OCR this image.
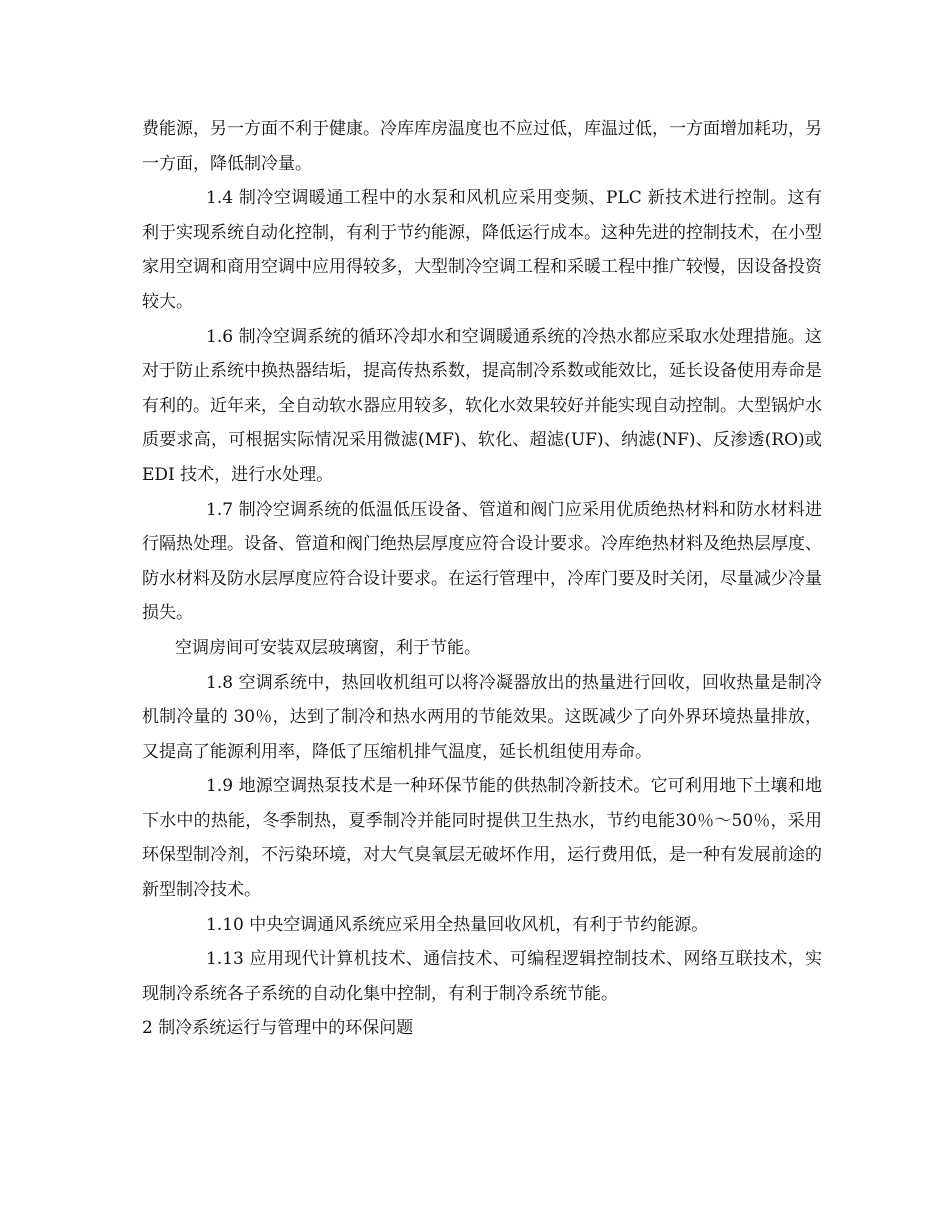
费能源，另一方面不利于健康。冷库库房温度也不应过低，库温过低，一方面增加耗功，另一方面，降低制冷量。

1.4 制冷空调暖通工程中的水泵和风机应采用变频、PLC 新技术进行控制。这有利于实现系统自动化控制，有利于节约能源，降低运行成本。这种先进的控制技术，在小型家用空调和商用空调中应用得较多，大型制冷空调工程和采暖工程中推广较慢，因设备投资较大。

1.6 制冷空调系统的循环冷却水和空调暖通系统的冷热水都应采取水处理措施。这对于防止系统中换热器结垢，提高传热系数，提高制冷系数或能效比，延长设备使用寿命是有利的。近年来，全自动软水器应用较多，软化水效果较好并能实现自动控制。大型锅炉水质要求高，可根据实际情况采用微滤(MF)、软化、超滤(UF)、纳滤(NF)、反渗透(RO)或EDI 技术，进行水处理。

1.7 制冷空调系统的低温低压设备、管道和阀门应采用优质绝热材料和防水材料进行隔热处理。设备、管道和阀门绝热层厚度应符合设计要求。冷库绝热材料及绝热层厚度、防水材料及防水层厚度应符合设计要求。在运行管理中，冷库门要及时关闭，尽量减少冷量损失。

空调房间可安装双层玻璃窗，利于节能。

1.8 空调系统中，热回收机组可以将冷凝器放出的热量进行回收，回收热量是制冷机制冷量的 30％，达到了制冷和热水两用的节能效果。这既减少了向外界环境热量排放，又提高了能源利用率，降低了压缩机排气温度，延长机组使用寿命。

1.9 地源空调热泵技术是一种环保节能的供热制冷新技术。它可利用地下土壤和地下水中的热能，冬季制热，夏季制冷并能同时提供卫生热水，节约电能30％～50％，采用环保型制冷剂，不污染环境，对大气臭氧层无破坏作用，运行费用低，是一种有发展前途的新型制冷技术。

1.10 中央空调通风系统应采用全热量回收风机，有利于节约能源。

1.13 应用现代计算机技术、通信技术、可编程逻辑控制技术、网络互联技术，实现制冷系统各子系统的自动化集中控制，有利于制冷系统节能。

2 制冷系统运行与管理中的环保问题
